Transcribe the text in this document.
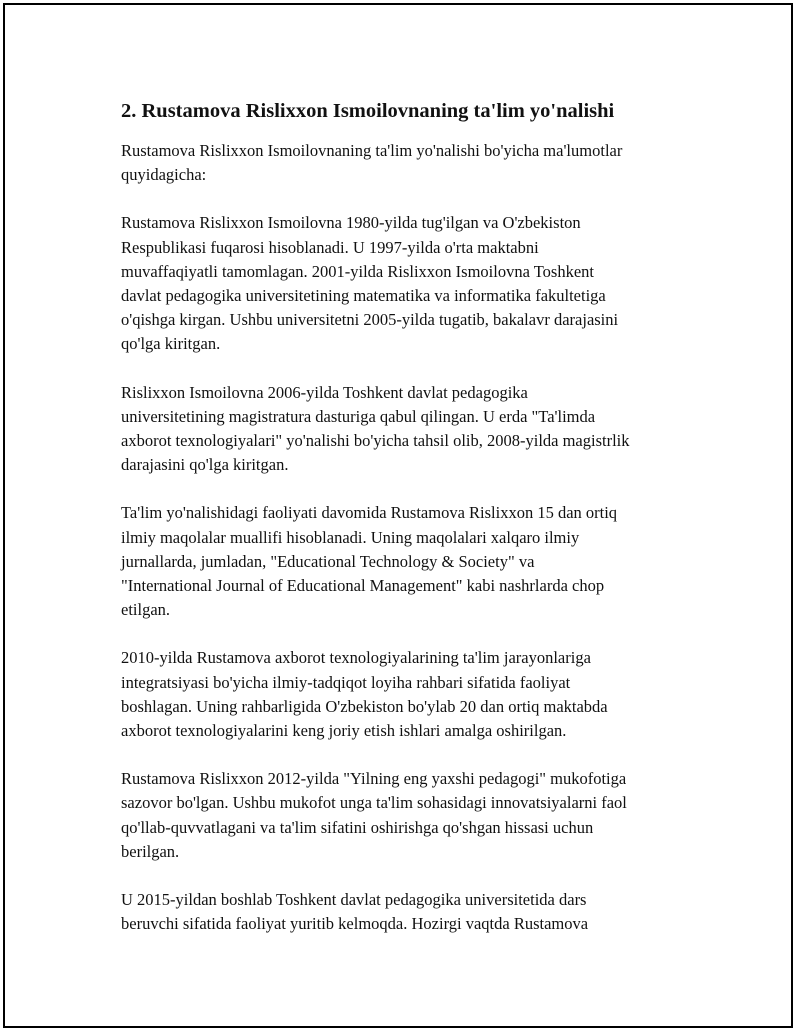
2. Rustamova Rislixxon Ismoilovnaning ta'lim yo'nalishi

Rustamova Rislixxon Ismoilovnaning ta'lim yo'nalishi bo'yicha ma'lumotlar
quyidagicha:

Rustamova Rislixxon Ismoilovna 1980-yilda tug'ilgan va O'zbekiston
Respublikasi fuqarosi hisoblanadi. U 1997-yilda o'rta maktabni
muvaffaqiyatli tamomlagan. 2001-yilda Rislixxon Ismoilovna Toshkent
davlat pedagogika universitetining matematika va informatika fakultetiga
o'qishga kirgan. Ushbu universitetni 2005-yilda tugatib, bakalavr darajasini
qo'lga kiritgan.

Rislixxon Ismoilovna 2006-yilda Toshkent davlat pedagogika
universitetining magistratura dasturiga qabul qilingan. U erda "Ta'limda
axborot texnologiyalari" yo'nalishi bo'yicha tahsil olib, 2008-yilda magistrlik
darajasini qo'lga kiritgan.

Ta'lim yo'nalishidagi faoliyati davomida Rustamova Rislixxon 15 dan ortiq
ilmiy maqolalar muallifi hisoblanadi. Uning maqolalari xalqaro ilmiy
jurnallarda, jumladan, "Educational Technology & Society" va
"International Journal of Educational Management" kabi nashrlarda chop
etilgan.

2010-yilda Rustamova axborot texnologiyalarining ta'lim jarayonlariga
integratsiyasi bo'yicha ilmiy-tadqiqot loyiha rahbari sifatida faoliyat
boshlagan. Uning rahbarligida O'zbekiston bo'ylab 20 dan ortiq maktabda
axborot texnologiyalarini keng joriy etish ishlari amalga oshirilgan.

Rustamova Rislixxon 2012-yilda "Yilning eng yaxshi pedagogi" mukofotiga
sazovor bo'lgan. Ushbu mukofot unga ta'lim sohasidagi innovatsiyalarni faol
qo'llab-quvvatlagani va ta'lim sifatini oshirishga qo'shgan hissasi uchun
berilgan.

U 2015-yildan boshlab Toshkent davlat pedagogika universitetida dars
beruvchi sifatida faoliyat yuritib kelmoqda. Hozirgi vaqtda Rustamova
